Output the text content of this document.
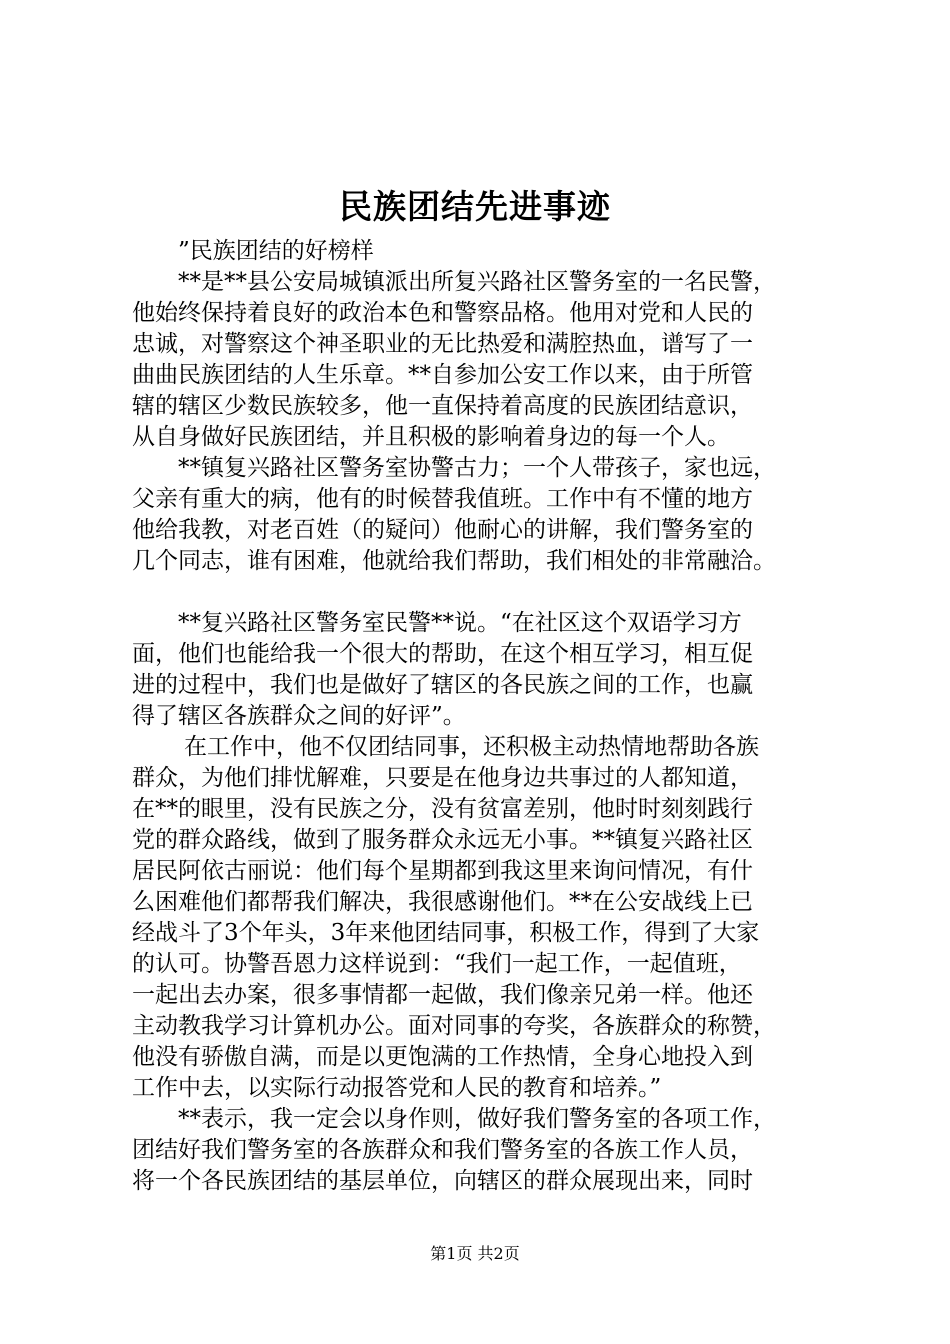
民族团结先进事迹
”民族团结的好榜样
**是**县公安局城镇派出所复兴路社区警务室的一名民警，
他始终保持着良好的政治本色和警察品格。他用对党和人民的
忠诚，对警察这个神圣职业的无比热爱和满腔热血，谱写了一
曲曲民族团结的人生乐章。**自参加公安工作以来，由于所管
辖的辖区少数民族较多，他一直保持着高度的民族团结意识，
从自身做好民族团结，并且积极的影响着身边的每一个人。
**镇复兴路社区警务室协警古力；一个人带孩子，家也远，
父亲有重大的病，他有的时候替我值班。工作中有不懂的地方
他给我教，对老百姓（的疑问）他耐心的讲解，我们警务室的
几个同志，谁有困难，他就给我们帮助，我们相处的非常融洽。
**复兴路社区警务室民警**说。“在社区这个双语学习方
面，他们也能给我一个很大的帮助，在这个相互学习，相互促
进的过程中，我们也是做好了辖区的各民族之间的工作，也赢
得了辖区各族群众之间的好评”。
在工作中，他不仅团结同事，还积极主动热情地帮助各族
群众，为他们排忧解难，只要是在他身边共事过的人都知道，
在**的眼里，没有民族之分，没有贫富差别，他时时刻刻践行
党的群众路线，做到了服务群众永远无小事。**镇复兴路社区
居民阿依古丽说：他们每个星期都到我这里来询问情况，有什
么困难他们都帮我们解决，我很感谢他们。**在公安战线上已
经战斗了3个年头，3年来他团结同事，积极工作，得到了大家
的认可。协警吾恩力这样说到：“我们一起工作，一起值班，
一起出去办案，很多事情都一起做，我们像亲兄弟一样。他还
主动教我学习计算机办公。面对同事的夸奖，各族群众的称赞，
他没有骄傲自满，而是以更饱满的工作热情，全身心地投入到
工作中去，以实际行动报答党和人民的教育和培养。”
**表示，我一定会以身作则，做好我们警务室的各项工作，
团结好我们警务室的各族群众和我们警务室的各族工作人员，
将一个各民族团结的基层单位，向辖区的群众展现出来，同时
第1页 共2页
